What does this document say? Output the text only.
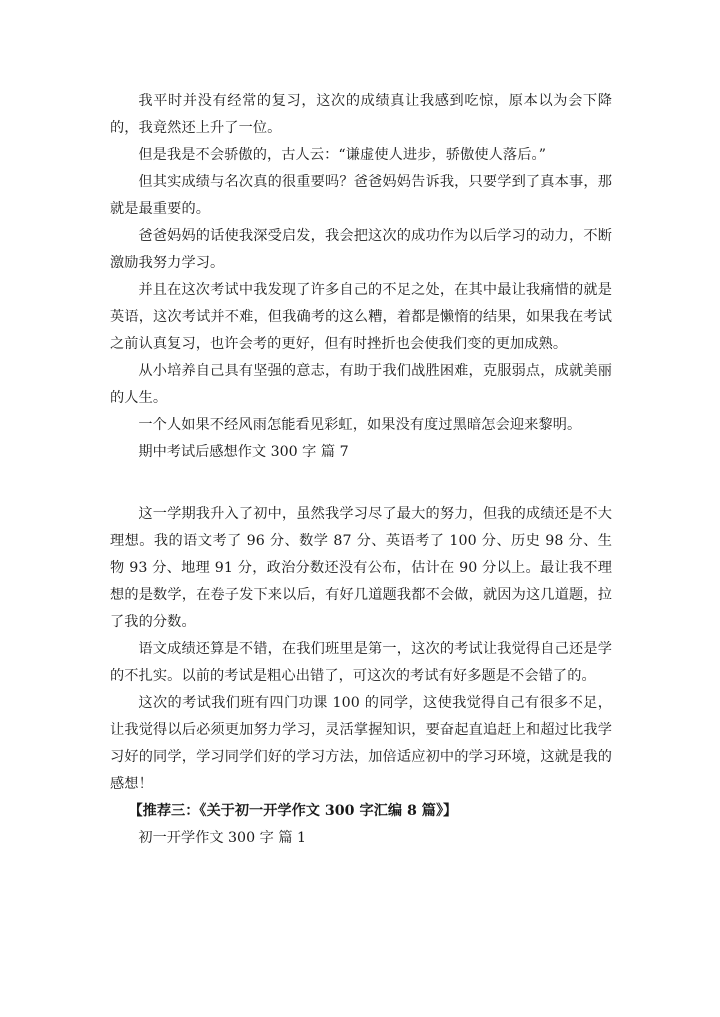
我平时并没有经常的复习，这次的成绩真让我感到吃惊，原本以为会下降的，我竟然还上升了一位。

但是我是不会骄傲的，古人云：“谦虚使人进步，骄傲使人落后。”

但其实成绩与名次真的很重要吗？爸爸妈妈告诉我，只要学到了真本事，那就是最重要的。

爸爸妈妈的话使我深受启发，我会把这次的成功作为以后学习的动力，不断激励我努力学习。

并且在这次考试中我发现了许多自己的不足之处，在其中最让我痛惜的就是英语，这次考试并不难，但我确考的这么糟，着都是懒惰的结果，如果我在考试之前认真复习，也许会考的更好，但有时挫折也会使我们变的更加成熟。

从小培养自己具有坚强的意志，有助于我们战胜困难，克服弱点，成就美丽的人生。

一个人如果不经风雨怎能看见彩虹，如果没有度过黑暗怎会迎来黎明。

期中考试后感想作文 300 字 篇 7

这一学期我升入了初中，虽然我学习尽了最大的努力，但我的成绩还是不大理想。我的语文考了 96 分、数学 87 分、英语考了 100 分、历史 98 分、生物 93 分、地理 91 分，政治分数还没有公布，估计在 90 分以上。最让我不理想的是数学，在卷子发下来以后，有好几道题我都不会做，就因为这几道题，拉了我的分数。

语文成绩还算是不错，在我们班里是第一，这次的考试让我觉得自己还是学的不扎实。以前的考试是粗心出错了，可这次的考试有好多题是不会错了的。

这次的考试我们班有四门功课 100 的同学，这使我觉得自己有很多不足，让我觉得以后必须更加努力学习，灵活掌握知识，要奋起直追赶上和超过比我学习好的同学，学习同学们好的学习方法，加倍适应初中的学习环境，这就是我的感想！

【推荐三：《关于初一开学作文 300 字汇编 8 篇》】

初一开学作文 300 字 篇 1
